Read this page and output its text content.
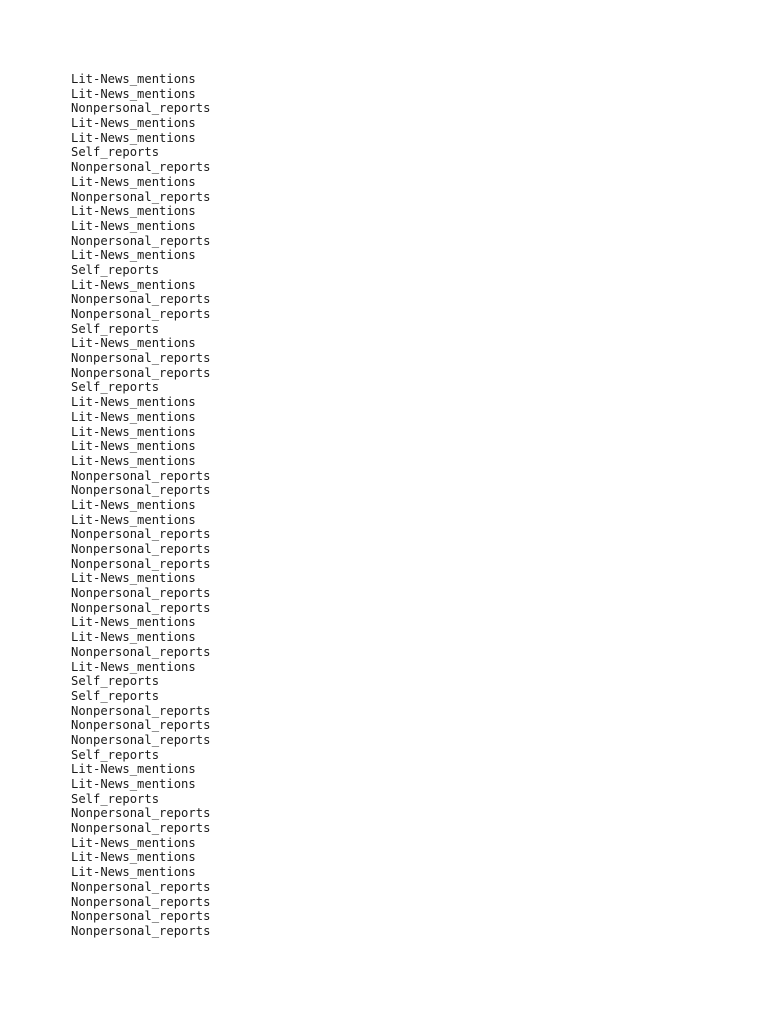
Lit-News_mentions
Lit-News_mentions
Nonpersonal_reports
Lit-News_mentions
Lit-News_mentions
Self_reports
Nonpersonal_reports
Lit-News_mentions
Nonpersonal_reports
Lit-News_mentions
Lit-News_mentions
Nonpersonal_reports
Lit-News_mentions
Self_reports
Lit-News_mentions
Nonpersonal_reports
Nonpersonal_reports
Self_reports
Lit-News_mentions
Nonpersonal_reports
Nonpersonal_reports
Self_reports
Lit-News_mentions
Lit-News_mentions
Lit-News_mentions
Lit-News_mentions
Lit-News_mentions
Nonpersonal_reports
Nonpersonal_reports
Lit-News_mentions
Lit-News_mentions
Nonpersonal_reports
Nonpersonal_reports
Nonpersonal_reports
Lit-News_mentions
Nonpersonal_reports
Nonpersonal_reports
Lit-News_mentions
Lit-News_mentions
Nonpersonal_reports
Lit-News_mentions
Self_reports
Self_reports
Nonpersonal_reports
Nonpersonal_reports
Nonpersonal_reports
Self_reports
Lit-News_mentions
Lit-News_mentions
Self_reports
Nonpersonal_reports
Nonpersonal_reports
Lit-News_mentions
Lit-News_mentions
Lit-News_mentions
Nonpersonal_reports
Nonpersonal_reports
Nonpersonal_reports
Nonpersonal_reports
